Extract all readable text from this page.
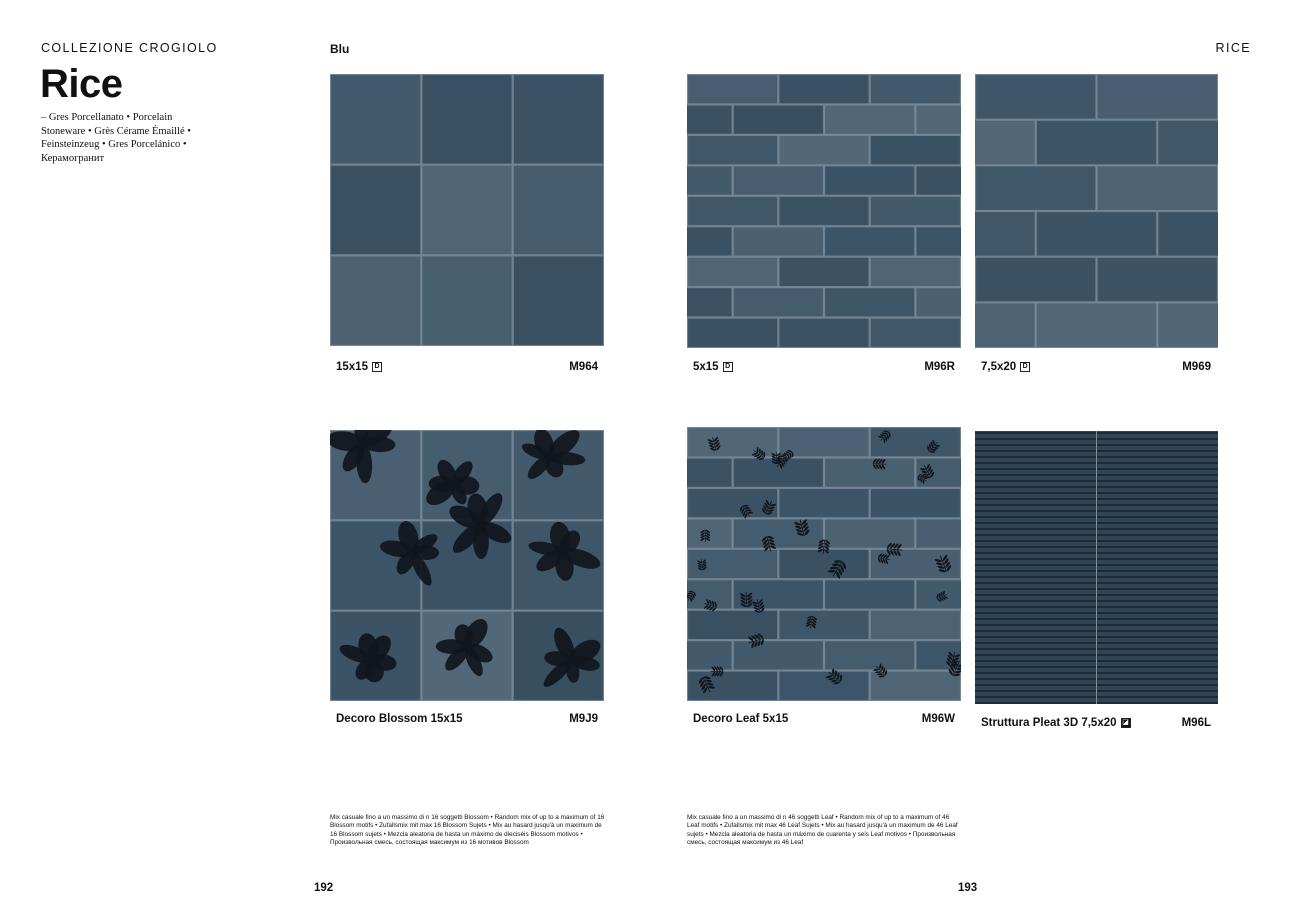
COLLEZIONE CROGIOLO
Rice
– Gres Porcellanato • Porcelain Stoneware • Grès Cérame Émaillé • Feinsteinzeug • Gres Porcelánico • Керамогранит
Blu	RICE
15x15 D	M964	5x15 D	M96R 7,5x20 D	M969
Decoro Blossom 15x15	M9J9	Decoro Leaf 5x15	M96W Struttura Pleat 3D 7,5x20 ◪	M96L
Mix casuale fino a un massimo di n 16 soggetti Blossom • Random mix of up to a maximum of 16 Blossom motifs • Zufallsmix mit max 16 Blossom Sujets • Mix au hasard jusqu'à un maximum de 16 Blossom sujets • Mezcla aleatoria de hasta un máximo de dieciséis Blossom motivos • Произвольная смесь, состоящая максимум из 16 мотивов Blossom
Mix casuale fino a un massimo di n 46 soggetti Leaf • Random mix of up to a maximum of 46 Leaf motifs • Zufallsmix mit max 46 Leaf Sujets • Mix au hasard jusqu'à un maximum de 46 Leaf sujets • Mezcla aleatoria de hasta un máximo de cuarenta y seis Leaf motivos • Произвольная смесь, состоящая максимум из 46 Leaf
192	193
